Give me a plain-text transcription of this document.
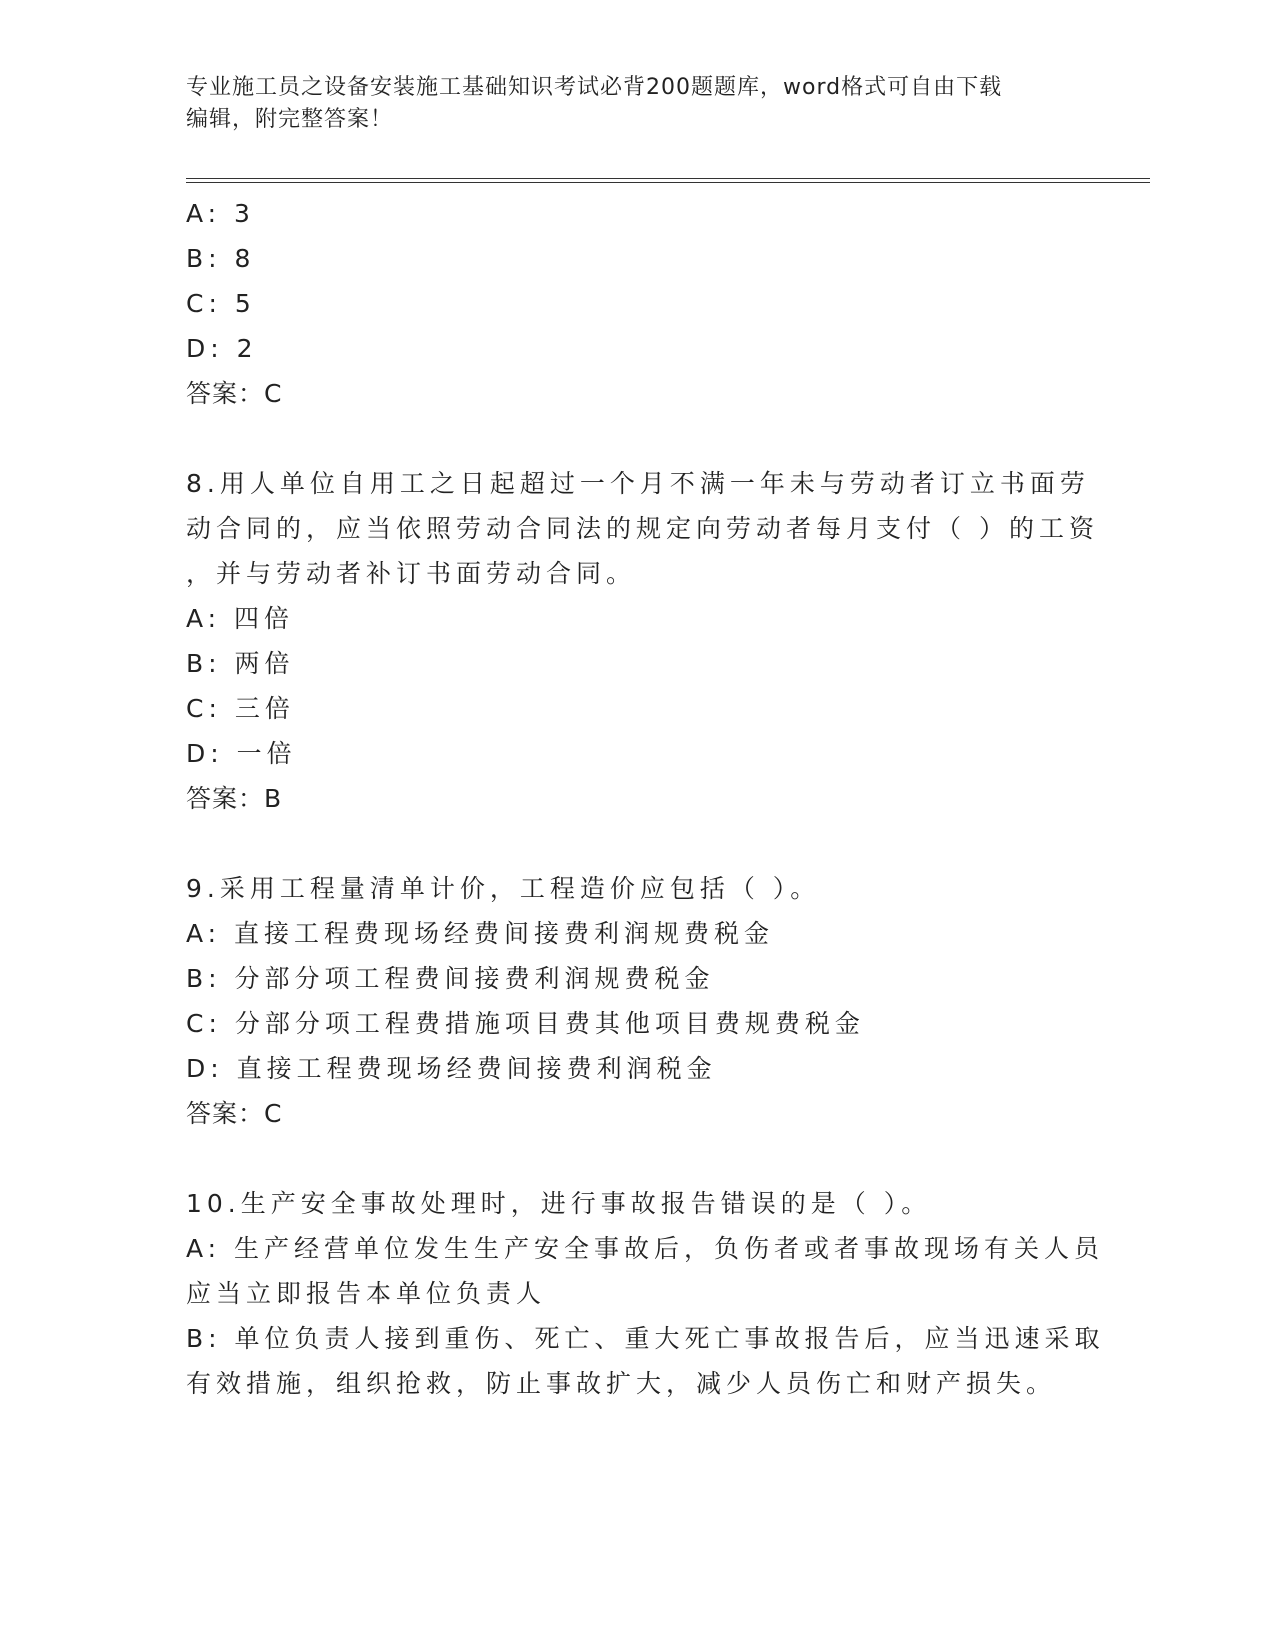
专业施工员之设备安装施工基础知识考试必背200题题库，word格式可自由下载
编辑，附完整答案！
A: 3
B: 8
C: 5
D: 2
答案：C
8.用人单位自用工之日起超过一个月不满一年未与劳动者订立书面劳
动合同的，应当依照劳动合同法的规定向劳动者每月支付（ ）的工资
，并与劳动者补订书面劳动合同。
A: 四倍
B: 两倍
C: 三倍
D: 一倍
答案：B
9.采用工程量清单计价，工程造价应包括（ ）。
A: 直接工程费现场经费间接费利润规费税金
B: 分部分项工程费间接费利润规费税金
C: 分部分项工程费措施项目费其他项目费规费税金
D: 直接工程费现场经费间接费利润税金
答案：C
10.生产安全事故处理时，进行事故报告错误的是（ ）。
A: 生产经营单位发生生产安全事故后，负伤者或者事故现场有关人员
应当立即报告本单位负责人
B: 单位负责人接到重伤、死亡、重大死亡事故报告后，应当迅速采取
有效措施，组织抢救，防止事故扩大，减少人员伤亡和财产损失。
